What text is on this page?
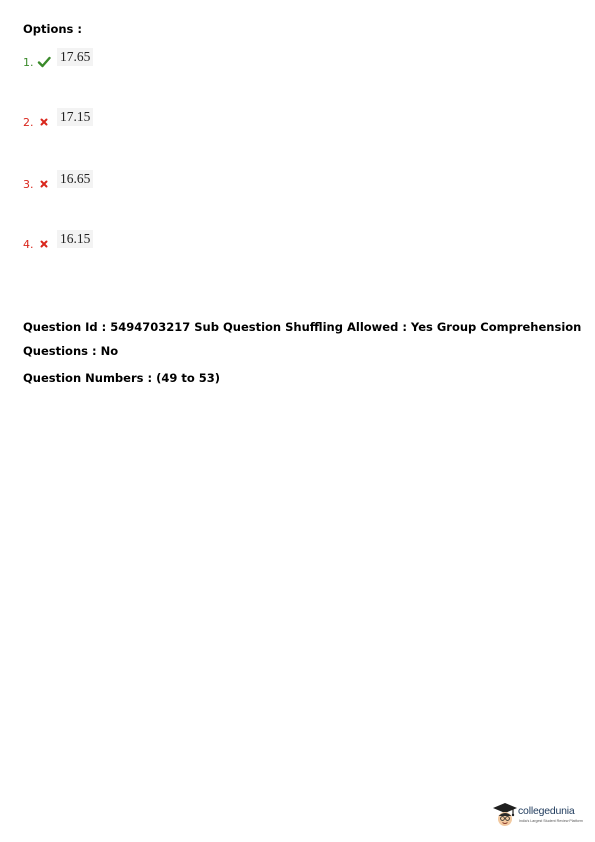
Options :
1. 17.65
2. 17.15
3. 16.65
4. 16.15
Question Id : 5494703217 Sub Question Shuffling Allowed : Yes Group Comprehension
Questions : No
Question Numbers : (49 to 53)
collegedunia
India's Largest Student Review Platform
